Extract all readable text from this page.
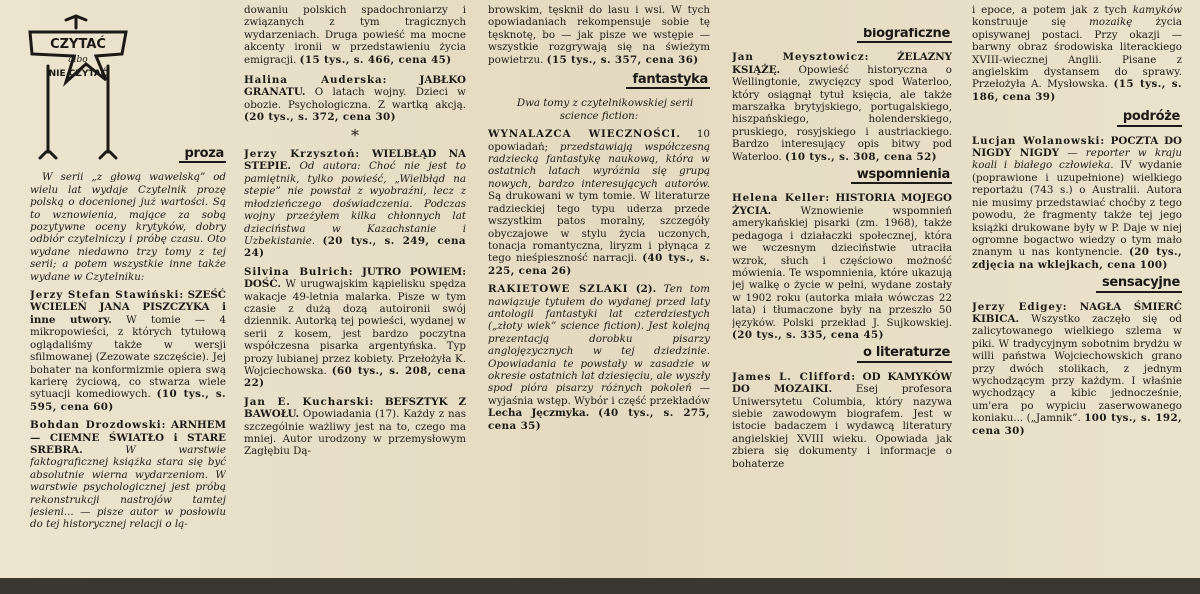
CZYTAĆ
albo
NIE CZYTAĆ
proza

W serii „z głową wawelską” od wielu lat wydaje Czytelnik prozę polską o docenionej już wartości. Są to wznowienia, mające za sobą pozytywne oceny krytyków, dobry odbiór czytelniczy i próbę czasu. Oto wydane niedawno trzy tomy z tej serii; a potem wszystkie inne także wydane w Czytelniku:

Jerzy Stefan Stawiński: SZEŚĆ WCIELEŃ JANA PISZCZYKA i inne utwory. W tomie — 4 mikropowieści, z których tytułową oglądaliśmy także w wersji sfilmowanej (Zezowate szczęście). Jej bohater na konformizmie opiera swą karierę życiową, co stwarza wiele sytuacji komediowych. (10 tys., s. 595, cena 60)

Bohdan Drozdowski: ARNHEM — CIEMNE ŚWIATŁO i STARE SREBRA.	W warstwie faktograficznej książka stara się być absolutnie wierna wydarzeniom. W warstwie psychologicznej jest próbą rekonstrukcji nastrojów tamtej jesieni... — pisze autor w posłowiu do tej historycznej relacji o lą-

dowaniu polskich spadochroniarzy i związanych z tym tragicznych wydarzeniach. Druga powieść ma mocne akcenty ironii w przedstawieniu życia emigracji. (15 tys., s. 466, cena 45)

Halina Auderska:	JABŁKO GRANATU. O latach wojny. Dzieci w obozie. Psychologiczna. Z wartką akcją. (20 tys., s. 372, cena 30)

*

Jerzy Krzysztoń: WIELBŁĄD NA STEPIE. Od autora: Choć nie jest to pamiętnik, tylko powieść, „Wielbłąd na stepie” nie powstał z wyobraźni, lecz z młodzieńczego doświadczenia. Podczas wojny przeżyłem kilka chłonnych lat dzieciństwa w Kazachstanie i Uzbekistanie. (20 tys., s. 249, cena 24)

Silvina Bulrich: JUTRO POWIEM: DOŚĆ. W urugwajskim kąpielisku spędza wakacje 49-letnia malarka. Pisze w tym czasie z dużą dozą autoironii swój dziennik. Autorką tej powieści, wydanej w serii z kosem, jest bardzo poczytna współczesna pisarka argentyńska. Typ prozy lubianej przez kobiety. Przełożyła K. Wojciechowska. (60 tys., s. 208, cena 22)

Jan E. Kucharski: BEFSZTYK Z BAWOŁU. Opowiadania (17). Każdy z nas szczególnie ważliwy jest na to, czego ma mniej. Autor urodzony w przemysłowym Zagłębiu Dą-

browskim, tęsknił do lasu i wsi. W tych opowiadaniach rekompensuje sobie tę tęsknotę, bo — jak pisze we wstępie — wszystkie rozgrywają się na świeżym powietrzu. (15 tys., s. 357, cena 36)

fantastyka

Dwa tomy z czytelnikowskiej serii science fiction:

WYNALAZCA WIECZNOŚCI. 10 opowiadań; przedstawiają współczesną radziecką fantastykę naukową, która w ostatnich latach wyróżnia się grupą nowych, bardzo interesujących autorów. Są drukowani w tym tomie. W literaturze radzieckiej tego typu uderza przede wszystkim patos moralny, szczegóły obyczajowe w stylu życia uczonych, tonacja romantyczna, liryzm i płynąca z tego nieśpieszność narracji. (40 tys., s. 225, cena 26)

RAKIETOWE SZLAKI (2). Ten tom nawiązuje tytułem do wydanej przed laty antologii fantastyki lat czterdziestych („złoty wiek” science fiction). Jest kolejną prezentacją dorobku pisarzy anglojęzycznych w tej dziedzinie. Opowiadania te powstały w zasadzie w okresie ostatnich lat dziesięciu, ale wyszły spod pióra pisarzy różnych pokoleń — wyjaśnia wstęp. Wybór i część przekładów Lecha Jęczmyka. (40 tys., s. 275, cena 35)

biograficzne

Jan Meysztowicz:	ŻELAZNY KSIĄŻĘ. Opowieść historyczna o Wellingtonie, zwycięzcy spod Waterloo, który osiągnął tytuł księcia, ale także marszałka brytyjskiego, portugalskiego, hiszpańskiego, holenderskiego, pruskiego, rosyjskiego i austriackiego. Bardzo interesujący opis bitwy pod Waterloo. (10 tys., s. 308, cena 52)

wspomnienia

Helena Keller: HISTORIA MOJEGO ŻYCIA.	Wznowienie wspomnień amerykańskiej pisarki (zm. 1968), także pedagoga i działaczki społecznej, która we wczesnym dzieciństwie utraciła wzrok, słuch i częściowo możność mówienia. Te wspomnienia, które ukazują jej walkę o życie w pełni, wydane zostały w 1902 roku (autorka miała wówczas 22 lata) i tłumaczone były na przeszło 50 języków. Polski przekład J. Sujkowskiej. (20 tys., s. 335, cena 45)

o literaturze

James L. Clifford: OD KAMYKÓW DO MOZAIKI. Esej profesora Uniwersytetu Columbia, który nazywa siebie zawodowym biografem. Jest w istocie badaczem i wydawcą literatury angielskiej XVIII wieku. Opowiada jak zbiera się dokumenty i informacje o bohaterze

i epoce, a potem jak z tych kamyków konstruuje się mozaikę życia opisywanej postaci. Przy okazji — barwny obraz środowiska literackiego XVIII-wiecznej Anglii. Pisane z angielskim dystansem do sprawy. Przełożyła A. Mysłowska. (15 tys., s. 186, cena 39)

podróże

Lucjan Wolanowski: POCZTA DO NIGDY NIGDY — reporter w kraju koali i białego człowieka. IV wydanie (poprawione i uzupełnione) wielkiego reportażu (743 s.) o Australii. Autora nie musimy przedstawiać choćby z tego powodu, że fragmenty także tej jego książki drukowane były w P. Daje w niej ogromne bogactwo wiedzy o tym mało znanym u nas kontynencie. (20 tys., zdjęcia na wklejkach, cena 100)

sensacyjne

Jerzy Edigey: NAGŁA ŚMIERĆ KIBICA. Wszystko zaczęło się od zalicytowanego wielkiego szlema w piki. W tradycyjnym sobotnim brydżu w willi państwa Wojciechowskich grano przy dwóch stolikach, z jednym wychodzącym przy każdym. I właśnie wychodzący a kibic jednocześnie, um'era po wypiciu zaserwowanego koniaku... („Jamnik”. 100 tys., s. 192, cena 30)
